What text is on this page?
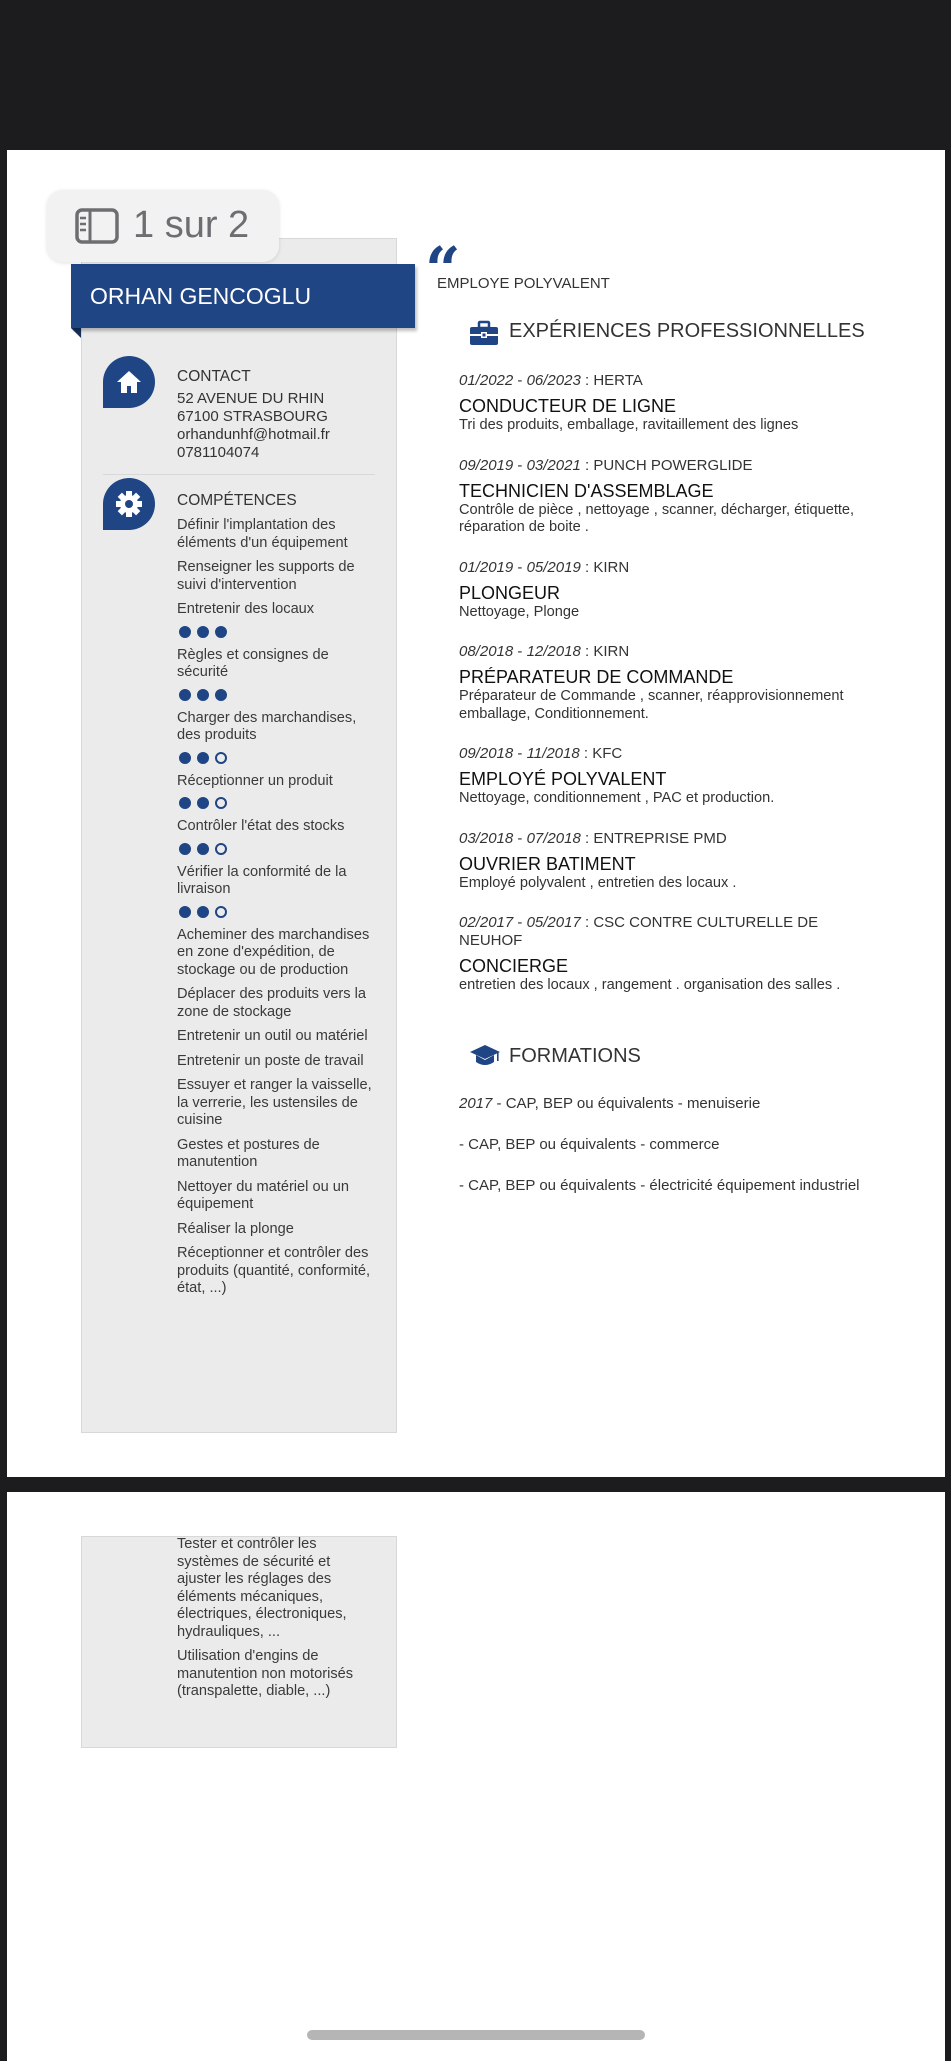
ORHAN GENCOGLU
CONTACT
52 AVENUE DU RHIN
67100 STRASBOURG
orhandunhf@hotmail.fr
0781104074
COMPÉTENCES
Définir l'implantation des éléments d'un équipement
Renseigner les supports de suivi d'intervention
Entretenir des locaux
Règles et consignes de sécurité
Charger des marchandises, des produits
Réceptionner un produit
Contrôler l'état des stocks
Vérifier la conformité de la livraison
Acheminer des marchandises en zone d'expédition, de stockage ou de production
Déplacer des produits vers la zone de stockage
Entretenir un outil ou matériel
Entretenir un poste de travail
Essuyer et ranger la vaisselle, la verrerie, les ustensiles de cuisine
Gestes et postures de manutention
Nettoyer du matériel ou un équipement
Réaliser la plonge
Réceptionner et contrôler des produits (quantité, conformité, état, ...)
“
EMPLOYE POLYVALENT
EXPÉRIENCES PROFESSIONNELLES
01/2022 - 06/2023 : HERTA
CONDUCTEUR DE LIGNE
Tri des produits, emballage, ravitaillement des lignes
09/2019 - 03/2021 : PUNCH POWERGLIDE
TECHNICIEN D'ASSEMBLAGE
Contrôle de pièce , nettoyage , scanner, décharger, étiquette, réparation de boite .
01/2019 - 05/2019 : KIRN
PLONGEUR
Nettoyage, Plonge
08/2018 - 12/2018 : KIRN
PRÉPARATEUR DE COMMANDE
Préparateur de Commande , scanner, réapprovisionnement emballage, Conditionnement.
09/2018 - 11/2018 : KFC
EMPLOYÉ POLYVALENT
Nettoyage, conditionnement , PAC et production.
03/2018 - 07/2018 : ENTREPRISE PMD
OUVRIER BATIMENT
Employé polyvalent , entretien des locaux .
02/2017 - 05/2017 : CSC CONTRE CULTURELLE DE NEUHOF
CONCIERGE
entretien des locaux , rangement . organisation des salles .
FORMATIONS
2017 - CAP, BEP ou équivalents - menuiserie
- CAP, BEP ou équivalents - commerce
- CAP, BEP ou équivalents - électricité équipement industriel
1 sur 2
Tester et contrôler les systèmes de sécurité et ajuster les réglages des éléments mécaniques, électriques, électroniques, hydrauliques, ...
Utilisation d'engins de manutention non motorisés (transpalette, diable, ...)
